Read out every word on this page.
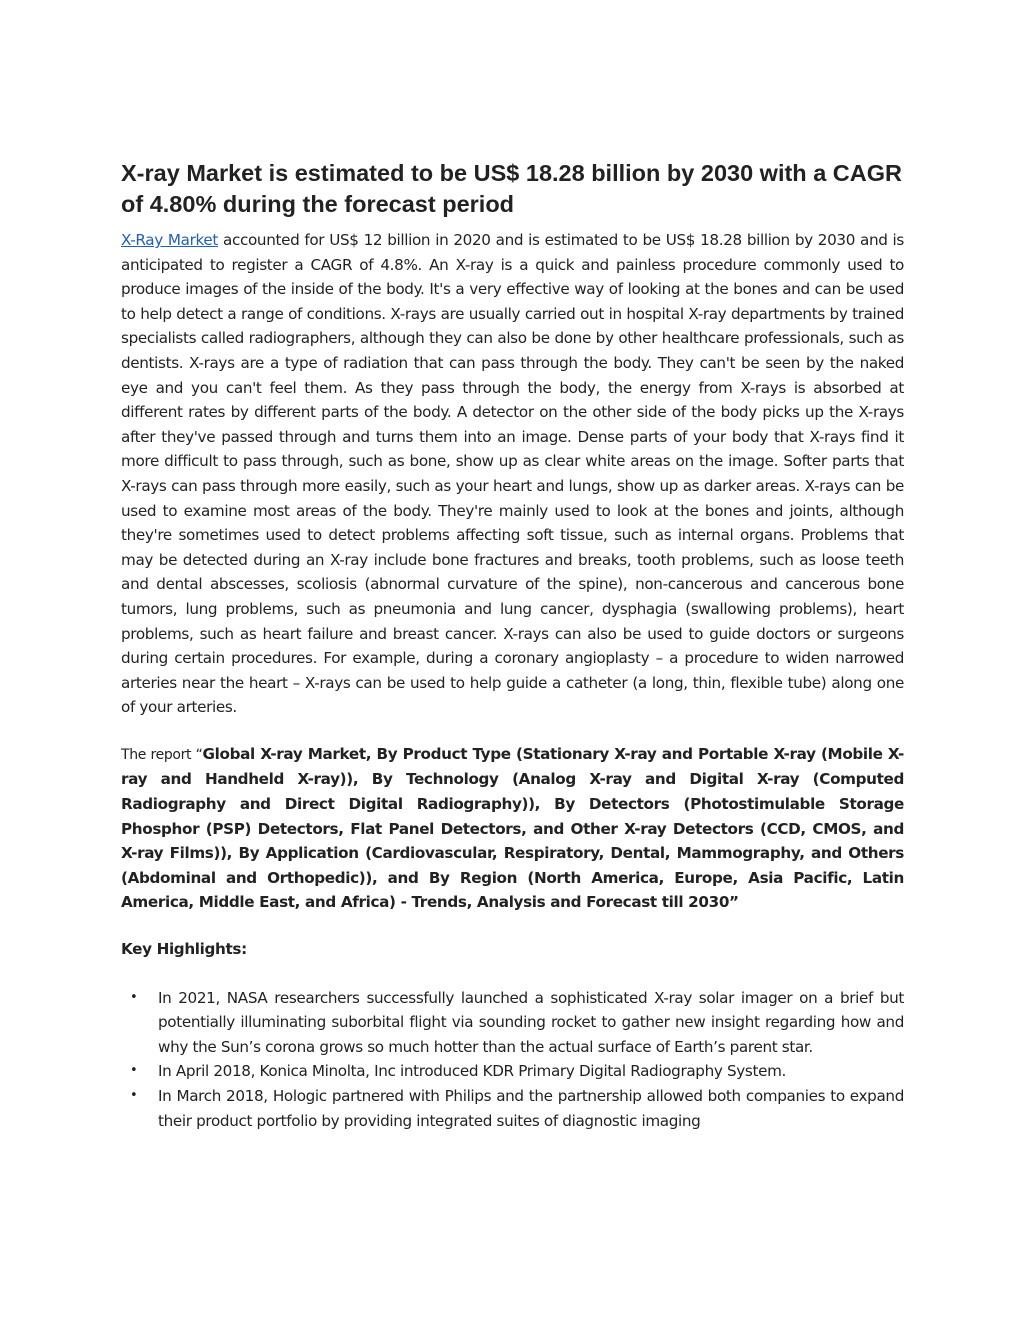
X-ray Market is estimated to be US$ 18.28 billion by 2030 with a CAGR of 4.80% during the forecast period

X-Ray Market accounted for US$ 12 billion in 2020 and is estimated to be US$ 18.28 billion by 2030 and is anticipated to register a CAGR of 4.8%. An X-ray is a quick and painless procedure commonly used to produce images of the inside of the body. It's a very effective way of looking at the bones and can be used to help detect a range of conditions. X-rays are usually carried out in hospital X-ray departments by trained specialists called radiographers, although they can also be done by other healthcare professionals, such as dentists. X-rays are a type of radiation that can pass through the body. They can't be seen by the naked eye and you can't feel them. As they pass through the body, the energy from X-rays is absorbed at different rates by different parts of the body. A detector on the other side of the body picks up the X-rays after they've passed through and turns them into an image. Dense parts of your body that X-rays find it more difficult to pass through, such as bone, show up as clear white areas on the image. Softer parts that X-rays can pass through more easily, such as your heart and lungs, show up as darker areas. X-rays can be used to examine most areas of the body. They're mainly used to look at the bones and joints, although they're sometimes used to detect problems affecting soft tissue, such as internal organs. Problems that may be detected during an X-ray include bone fractures and breaks, tooth problems, such as loose teeth and dental abscesses, scoliosis (abnormal curvature of the spine), non-cancerous and cancerous bone tumors, lung problems, such as pneumonia and lung cancer, dysphagia (swallowing problems), heart problems, such as heart failure and breast cancer. X-rays can also be used to guide doctors or surgeons during certain procedures. For example, during a coronary angioplasty – a procedure to widen narrowed arteries near the heart – X-rays can be used to help guide a catheter (a long, thin, flexible tube) along one of your arteries.

The report “Global X-ray Market, By Product Type (Stationary X-ray and Portable X-ray (Mobile X-ray and Handheld X-ray)), By Technology (Analog X-ray and Digital X-ray (Computed Radiography and Direct Digital Radiography)), By Detectors (Photostimulable Storage Phosphor (PSP) Detectors, Flat Panel Detectors, and Other X-ray Detectors (CCD, CMOS, and X-ray Films)), By Application (Cardiovascular, Respiratory, Dental, Mammography, and Others (Abdominal and Orthopedic)), and By Region (North America, Europe, Asia Pacific, Latin America, Middle East, and Africa) - Trends, Analysis and Forecast till 2030”

Key Highlights:

• In 2021, NASA researchers successfully launched a sophisticated X-ray solar imager on a brief but potentially illuminating suborbital flight via sounding rocket to gather new insight regarding how and why the Sun’s corona grows so much hotter than the actual surface of Earth’s parent star.
• In April 2018, Konica Minolta, Inc introduced KDR Primary Digital Radiography System.
• In March 2018, Hologic partnered with Philips and the partnership allowed both companies to expand their product portfolio by providing integrated suites of diagnostic imaging
